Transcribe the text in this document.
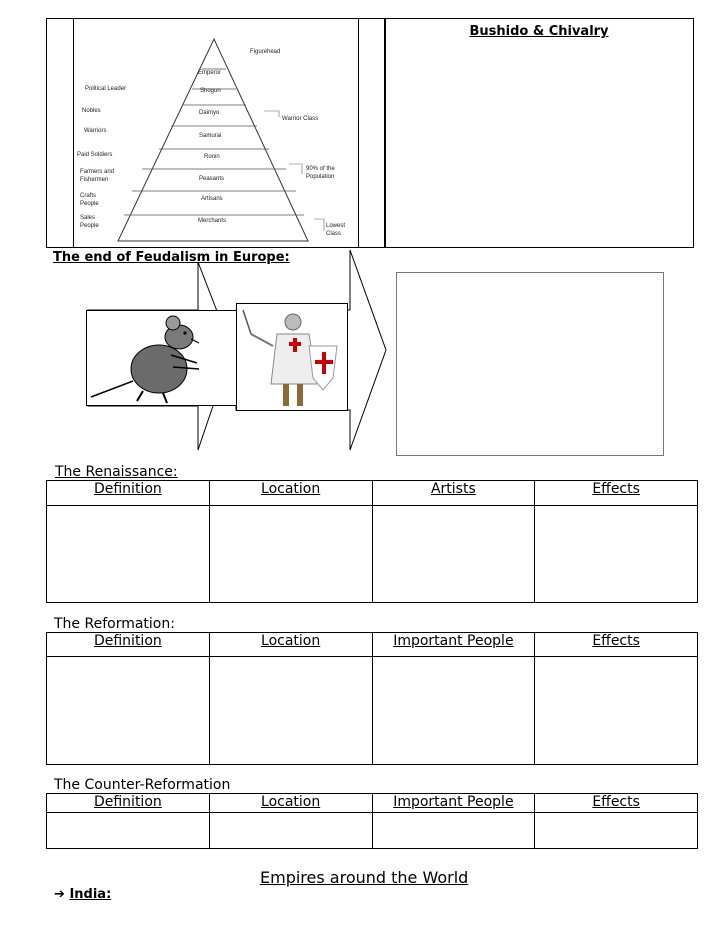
Bushido & Chivalry
Figurehead
Emperor
Political Leader
Nobles
Warriors
Paid Soldiers
Farmers and Fishermen
Crafts People
Sales People
Shogun
Daimyo
Samurai
Ronin
Peasants
Artisans
Merchants
Warrior Class
90% of the Population
Lowest Class
The end of Feudalism in Europe:
The Renaissance:
Definition	Location	Artists	Effects

The Reformation:
Definition	Location	Important People	Effects

The Counter-Reformation
Definition	Location	Important People	Effects

Empires around the World
➔ India:
